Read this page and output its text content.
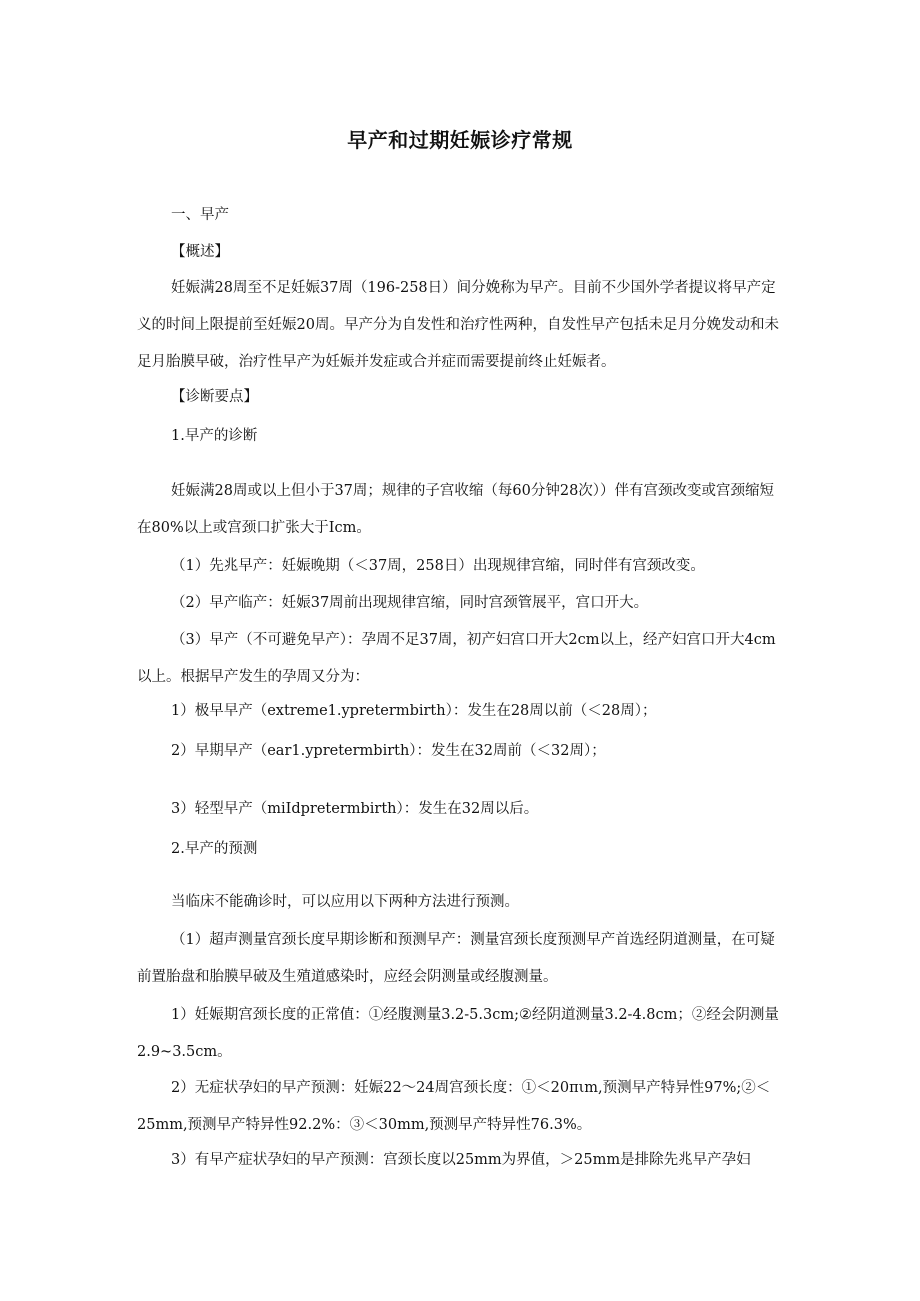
早产和过期妊娠诊疗常规

一、早产

【概述】

妊娠满28周至不足妊娠37周（196-258日）间分娩称为早产。目前不少国外学者提议将早产定义的时间上限提前至妊娠20周。早产分为自发性和治疗性两种，自发性早产包括未足月分娩发动和未足月胎膜早破，治疗性早产为妊娠并发症或合并症而需要提前终止妊娠者。

【诊断要点】

1.早产的诊断

妊娠满28周或以上但小于37周；规律的子宫收缩（每60分钟28次））伴有宫颈改变或宫颈缩短在80%以上或宫颈口扩张大于Icm。

（1）先兆早产：妊娠晚期（＜37周，258日）出现规律宫缩，同时伴有宫颈改变。

（2）早产临产：妊娠37周前出现规律宫缩，同时宫颈管展平，宫口开大。

（3）早产（不可避免早产）：孕周不足37周，初产妇宫口开大2cm以上，经产妇宫口开大4cm以上。根据早产发生的孕周又分为：

1）极早早产（extreme1.ypretermbirth）：发生在28周以前（＜28周）；

2）早期早产（ear1.ypretermbirth）：发生在32周前（＜32周）；

3）轻型早产（miIdpretermbirth）：发生在32周以后。

2.早产的预测

当临床不能确诊时，可以应用以下两种方法进行预测。

（1）超声测量宫颈长度早期诊断和预测早产：测量宫颈长度预测早产首选经阴道测量，在可疑前置胎盘和胎膜早破及生殖道感染时，应经会阴测量或经腹测量。

1）妊娠期宫颈长度的正常值：①经腹测量3.2-5.3cm;②经阴道测量3.2-4.8cm；②经会阴测量2.9~3.5cm。

2）无症状孕妇的早产预测：妊娠22～24周宫颈长度：①＜20πιm,预测早产特异性97%;②＜25mm,预测早产特异性92.2%：③＜30mm,预测早产特异性76.3%。

3）有早产症状孕妇的早产预测：宫颈长度以25mm为界值，＞25mm是排除先兆早产孕妇
